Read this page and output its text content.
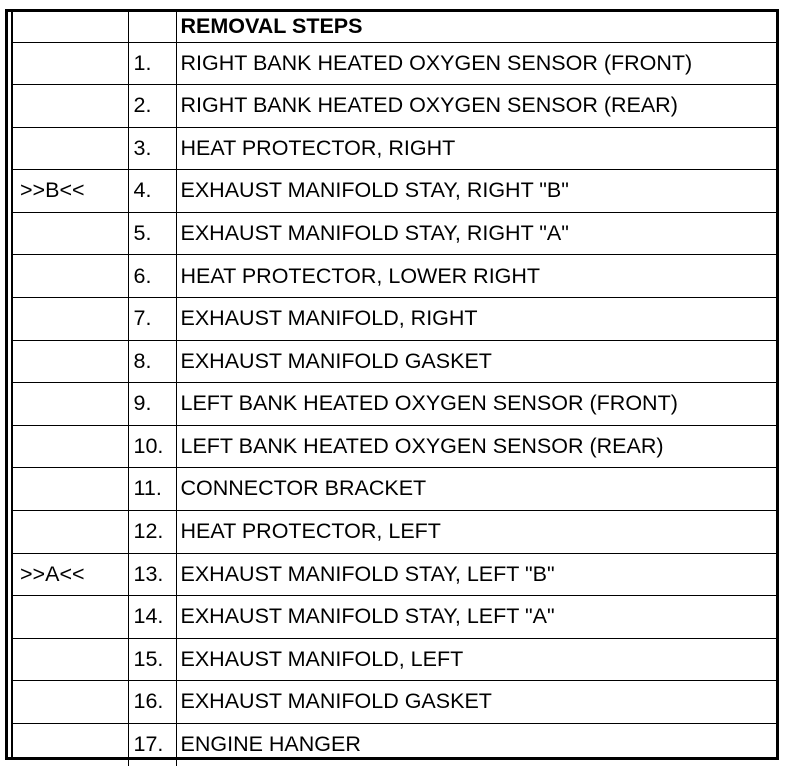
		REMOVAL STEPS
	1.	RIGHT BANK HEATED OXYGEN SENSOR (FRONT)
	2.	RIGHT BANK HEATED OXYGEN SENSOR (REAR)
	3.	HEAT PROTECTOR, RIGHT
>>B<<	4.	EXHAUST MANIFOLD STAY, RIGHT "B"
	5.	EXHAUST MANIFOLD STAY, RIGHT "A"
	6.	HEAT PROTECTOR, LOWER RIGHT
	7.	EXHAUST MANIFOLD, RIGHT
	8.	EXHAUST MANIFOLD GASKET
	9.	LEFT BANK HEATED OXYGEN SENSOR (FRONT)
	10.	LEFT BANK HEATED OXYGEN SENSOR (REAR)
	11.	CONNECTOR BRACKET
	12.	HEAT PROTECTOR, LEFT
>>A<<	13.	EXHAUST MANIFOLD STAY, LEFT "B"
	14.	EXHAUST MANIFOLD STAY, LEFT "A"
	15.	EXHAUST MANIFOLD, LEFT
	16.	EXHAUST MANIFOLD GASKET
	17.	ENGINE HANGER
